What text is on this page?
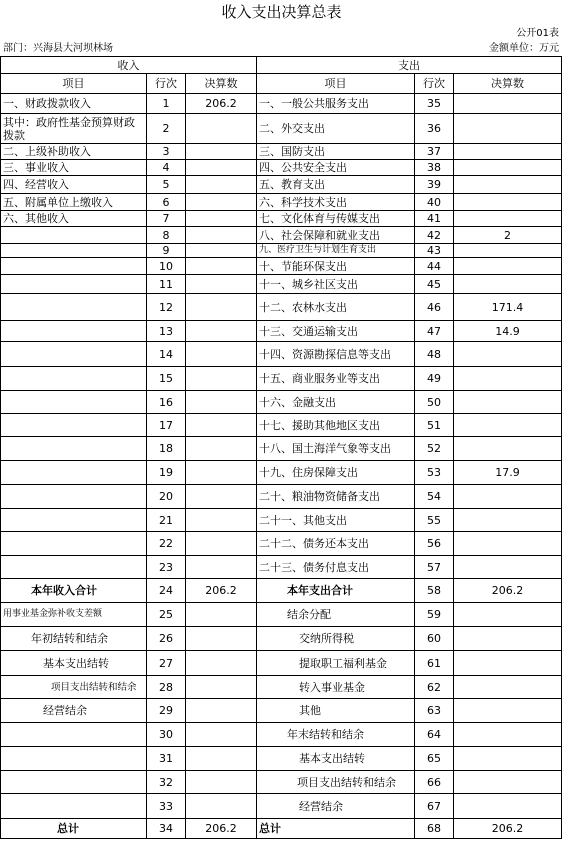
收入支出决算总表
公开01表
部门：兴海县大河坝林场	金额单位：万元
收入			支出		
项目	行次	决算数	项目	行次	决算数
一、财政拨款收入	1	206.2	一、一般公共服务支出	35	
其中：政府性基金预算财政拨款	2		二、外交支出	36	
二、上级补助收入	3		三、国防支出	37	
三、事业收入	4		四、公共安全支出	38	
四、经营收入	5		五、教育支出	39	
五、附属单位上缴收入	6		六、科学技术支出	40	
六、其他收入	7		七、文化体育与传媒支出	41	
	8		八、社会保障和就业支出	42	2
	9		九、医疗卫生与计划生育支出	43	
	10		十、节能环保支出	44	
	11		十一、城乡社区支出	45	
	12		十二、农林水支出	46	171.4
	13		十三、交通运输支出	47	14.9
	14		十四、资源勘探信息等支出	48	
	15		十五、商业服务业等支出	49	
	16		十六、金融支出	50	
	17		十七、援助其他地区支出	51	
	18		十八、国土海洋气象等支出	52	
	19		十九、住房保障支出	53	17.9
	20		二十、粮油物资储备支出	54	
	21		二十一、其他支出	55	
	22		二十二、债务还本支出	56	
	23		二十三、债务付息支出	57	
本年收入合计	24	206.2	本年支出合计	58	206.2
用事业基金弥补收支差额	25		结余分配	59	
年初结转和结余	26		交纳所得税	60	
基本支出结转	27		提取职工福利基金	61	
项目支出结转和结余	28		转入事业基金	62	
经营结余	29		其他	63	
	30		年末结转和结余	64	
	31		基本支出结转	65	
	32		项目支出结转和结余	66	
	33		经营结余	67	
总计	34	206.2	总计	68	206.2
